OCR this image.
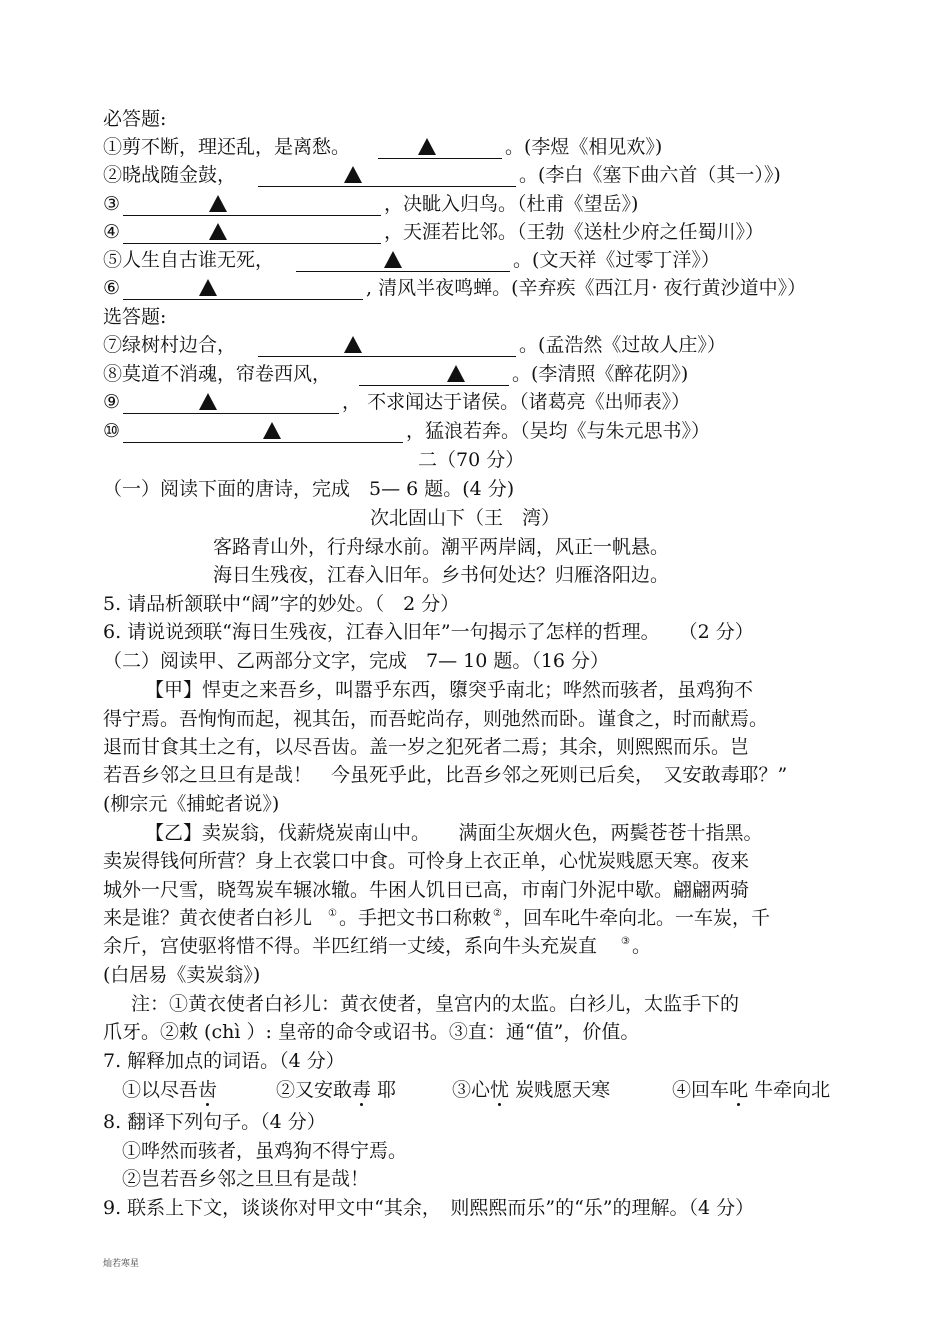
必答题:
①剪不断，理还乱，是离愁。	。(李煜《相见欢》)
②晓战随金鼓，	。(李白《塞下曲六首（其一）》)
③	，决眦入归鸟。（杜甫《望岳》)
④	，天涯若比邻。（王勃《送杜少府之任蜀川》）
⑤人生自古谁无死，	。(文天祥《过零丁洋》）
⑥	, 清风半夜鸣蝉。(辛弃疾《西江月· 夜行黄沙道中》）
选答题:
⑦绿树村边合，	。(孟浩然《过故人庄》）
⑧莫道不消魂，帘卷西风，	。(李清照《醉花阴》)
⑨	， 不求闻达于诸侯。（诸葛亮《出师表》）
⑩	，猛浪若奔。（吴均《与朱元思书》）
二（70 分）
（一）阅读下面的唐诗，完成　5— 6 题。(4 分)
次北固山下（王　湾）
客路青山外，行舟绿水前。潮平两岸阔，风正一帆悬。
海日生残夜，江春入旧年。乡书何处达？归雁洛阳边。
5. 请品析颔联中“阔”字的妙处。（　2 分）
6. 请说说颈联“海日生残夜，江春入旧年”一句揭示了怎样的哲理。　　（2 分）
（二）阅读甲、乙两部分文字，完成　7— 10 题。（16 分）
【甲】悍吏之来吾乡，叫嚣乎东西，隳突乎南北；哗然而骇者，虽鸡狗不
得宁焉。吾恂恂而起，视其缶，而吾蛇尚存，则弛然而卧。谨食之，时而献焉。
退而甘食其土之有，以尽吾齿。盖一岁之犯死者二焉；其余，则熙熙而乐。岂
若吾乡邻之旦旦有是哉！　今虽死乎此，比吾乡邻之死则已后矣，　又安敢毒耶？”
(柳宗元《捕蛇者说》)
【乙】卖炭翁，伐薪烧炭南山中。　　满面尘灰烟火色，两鬓苍苍十指黑。
卖炭得钱何所营？身上衣裳口中食。可怜身上衣正单，心忧炭贱愿天寒。夜来
城外一尺雪，晓驾炭车辗冰辙。牛困人饥日已高，市南门外泥中歇。翩翩两骑
来是谁？黄衣使者白衫儿 ① 。手把文书口称敕 ② ，回车叱牛牵向北。一车炭，千
余斤，宫使驱将惜不得。半匹红绡一丈绫，系向牛头充炭直 ③ 。
(白居易《卖炭翁》)
注：①黄衣使者白衫儿：黄衣使者，皇宫内的太监。白衫儿，太监手下的
爪牙。②敕 (chì ）: 皇帝的命令或诏书。③直：通“值”，价值。
7. 解释加点的词语。（4 分）
①以尽吾齿	②又安敢毒 耶	③心忧 炭贱愿天寒	④回车叱 牛牵向北
8. 翻译下列句子。（4 分）
①哗然而骇者，虽鸡狗不得宁焉。
②岂若吾乡邻之旦旦有是哉！
9. 联系上下文，谈谈你对甲文中“其余，　则熙熙而乐”的“乐”的理解。（4 分）
灿若寒星
